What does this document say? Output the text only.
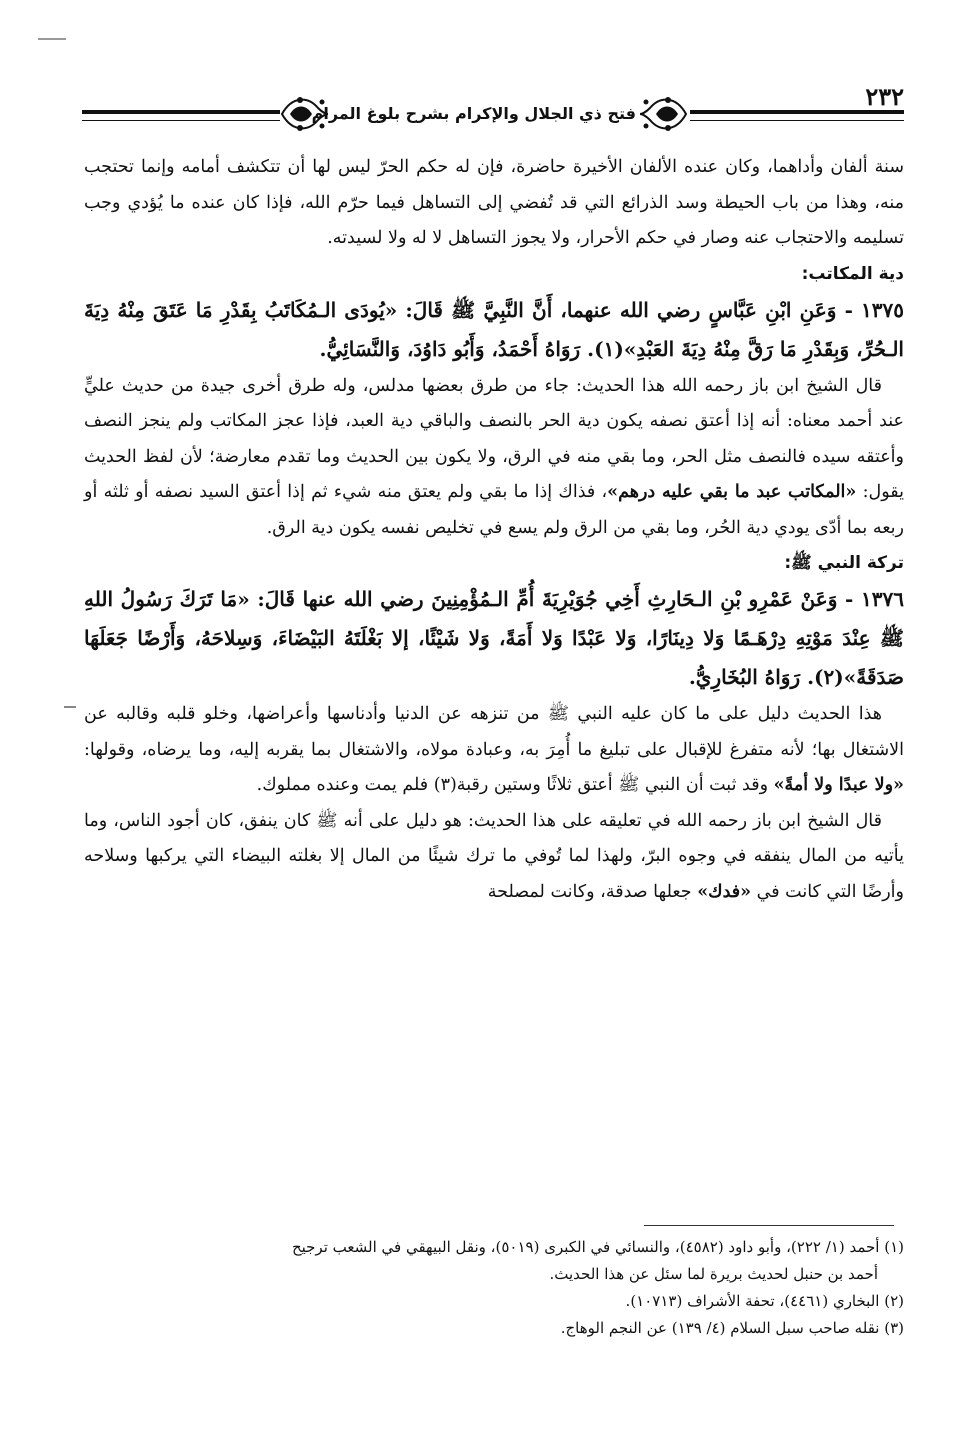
٢٣٢
فتح ذي الجلال والإكرام بشرح بلوغ المرام

سنة ألفان وأداهما، وكان عنده الألفان الأخيرة حاضرة، فإن له حكم الحرّ ليس لها أن تتكشف أمامه وإنما تحتجب منه، وهذا من باب الحيطة وسد الذرائع التي قد تُفضي إلى التساهل فيما حرّم الله، فإذا كان عنده ما يُؤدي وجب تسليمه والاحتجاب عنه وصار في حكم الأحرار، ولا يجوز التساهل لا له ولا لسيدته.

دية المكاتب:

١٣٧٥ - وَعَنِ ابْنِ عَبَّاسٍ رضي الله عنهما، أَنَّ النَّبِيَّ ﷺ قَالَ: «يُودَى الـمُكَاتَبُ بِقَدْرِ مَا عَتَقَ مِنْهُ دِيَةَ الـحُرِّ، وَبِقَدْرِ مَا رَقَّ مِنْهُ دِيَةَ العَبْدِ»(١). رَوَاهُ أَحْمَدُ، وَأَبُو دَاوُدَ، وَالنَّسَائِيُّ.

قال الشيخ ابن باز رحمه الله هذا الحديث: جاء من طرق بعضها مدلس، وله طرق أخرى جيدة من حديث عليٍّ عند أحمد معناه: أنه إذا أعتق نصفه يكون دية الحر بالنصف والباقي دية العبد، فإذا عجز المكاتب ولم ينجز النصف وأعتقه سيده فالنصف مثل الحر، وما بقي منه في الرق، ولا يكون بين الحديث وما تقدم معارضة؛ لأن لفظ الحديث يقول: «المكاتب عبد ما بقي عليه درهم»، فذاك إذا ما بقي ولم يعتق منه شيء ثم إذا أعتق السيد نصفه أو ثلثه أو ربعه بما أدّى يودي دية الحُر، وما بقي من الرق ولم يسع في تخليص نفسه يكون دية الرق.

تركة النبي ﷺ:

١٣٧٦ - وَعَنْ عَمْرِو بْنِ الـحَارِثِ أَخِي جُوَيْرِيَةَ أُمِّ الـمُؤْمِنِينَ رضي الله عنها قَالَ: «مَا تَرَكَ رَسُولُ اللهِ ﷺ عِنْدَ مَوْتِهِ دِرْهَـمًا وَلا دِينَارًا، وَلا عَبْدًا وَلا أَمَةً، وَلا شَيْئًا، إلا بَغْلَتَهُ البَيْضَاءَ، وَسِلاحَهُ، وَأَرْضًا جَعَلَهَا صَدَقَةً»(٢). رَوَاهُ البُخَارِيُّ.

هذا الحديث دليل على ما كان عليه النبي ﷺ من تنزهه عن الدنيا وأدناسها وأعراضها، وخلو قلبه وقالبه عن الاشتغال بها؛ لأنه متفرغ للإقبال على تبليغ ما أُمِرَ به، وعبادة مولاه، والاشتغال بما يقربه إليه، وما يرضاه، وقولها: «ولا عبدًا ولا أمةً» وقد ثبت أن النبي ﷺ أعتق ثلاثًا وستين رقبة(٣) فلم يمت وعنده مملوك.

قال الشيخ ابن باز رحمه الله في تعليقه على هذا الحديث: هو دليل على أنه ﷺ كان ينفق، كان أجود الناس، وما يأتيه من المال ينفقه في وجوه البرّ، ولهذا لما تُوفي ما ترك شيئًا من المال إلا بغلته البيضاء التي يركبها وسلاحه وأرضًا التي كانت في «فدك» جعلها صدقة، وكانت لمصلحة

(١) أحمد (١/ ٢٢٢)، وأبو داود (٤٥٨٢)، والنسائي في الكبرى (٥٠١٩)، ونقل البيهقي في الشعب ترجيح

أحمد بن حنبل لحديث بريرة لما سئل عن هذا الحديث.

(٢) البخاري (٤٤٦١)، تحفة الأشراف (١٠٧١٣).

(٣) نقله صاحب سبل السلام (٤/ ١٣٩) عن النجم الوهاج.
